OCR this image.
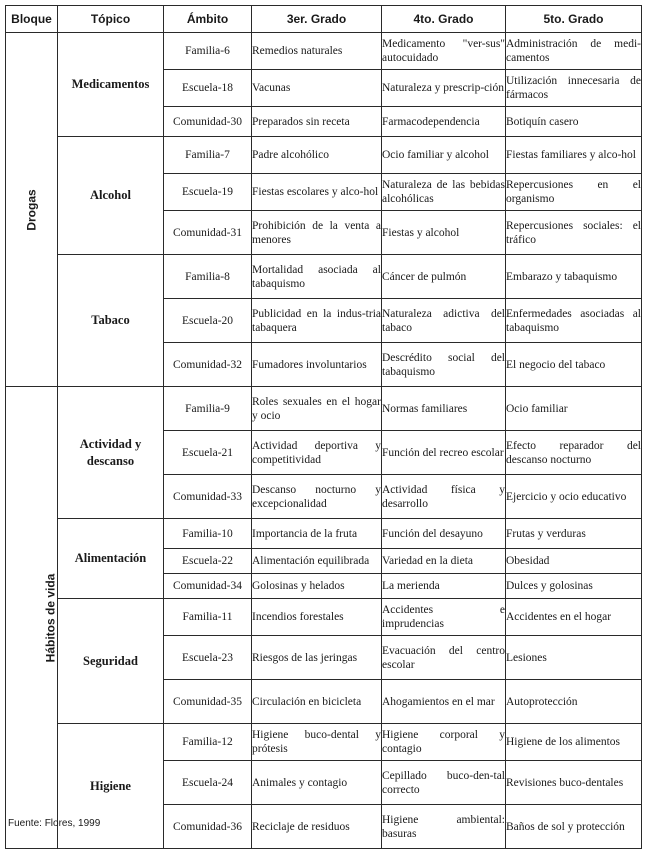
Bloque	Tópico	Ámbito	3er. Grado	4to. Grado	5to. Grado
Drogas	Medicamentos	Familia-6	Remedios naturales	Medicamento "ver-sus" autocuidado	Administración de medi-camentos
		Escuela-18	Vacunas	Naturaleza y prescrip-ción	Utilización innecesaria de fármacos
		Comunidad-30	Preparados sin receta	Farmacodependencia	Botiquín casero
	Alcohol	Familia-7	Padre alcohólico	Ocio familiar y alcohol	Fiestas familiares y alco-hol
		Escuela-19	Fiestas escolares y alco-hol	Naturaleza de las bebidas alcohólicas	Repercusiones en el organismo
		Comunidad-31	Prohibición de la venta a menores	Fiestas y alcohol	Repercusiones sociales: el tráfico
	Tabaco	Familia-8	Mortalidad asociada al tabaquismo	Cáncer de pulmón	Embarazo y tabaquismo
		Escuela-20	Publicidad en la indus-tria tabaquera	Naturaleza adictiva del tabaco	Enfermedades asociadas al tabaquismo
		Comunidad-32	Fumadores involuntarios	Descrédito social del tabaquismo	El negocio del tabaco
Hábitos de vida	Actividad y descanso	Familia-9	Roles sexuales en el hogar y ocio	Normas familiares	Ocio familiar
		Escuela-21	Actividad deportiva y competitividad	Función del recreo escolar	Efecto reparador del descanso nocturno
		Comunidad-33	Descanso nocturno y excepcionalidad	Actividad física y desarrollo	Ejercicio y ocio educativo
	Alimentación	Familia-10	Importancia de la fruta	Función del desayuno	Frutas y verduras
		Escuela-22	Alimentación equilibrada	Variedad en la dieta	Obesidad
		Comunidad-34	Golosinas y helados	La merienda	Dulces y golosinas
	Seguridad	Familia-11	Incendios forestales	Accidentes e imprudencias	Accidentes en el hogar
		Escuela-23	Riesgos de las jeringas	Evacuación del centro escolar	Lesiones
		Comunidad-35	Circulación en bicicleta	Ahogamientos en el mar	Autoprotección
	Higiene	Familia-12	Higiene buco-dental y prótesis	Higiene corporal y contagio	Higiene de los alimentos
		Escuela-24	Animales y contagio	Cepillado buco-den-tal correcto	Revisiones buco-dentales
		Comunidad-36	Reciclaje de residuos	Higiene ambiental: basuras	Baños de sol y protección
Fuente: Flores, 1999
